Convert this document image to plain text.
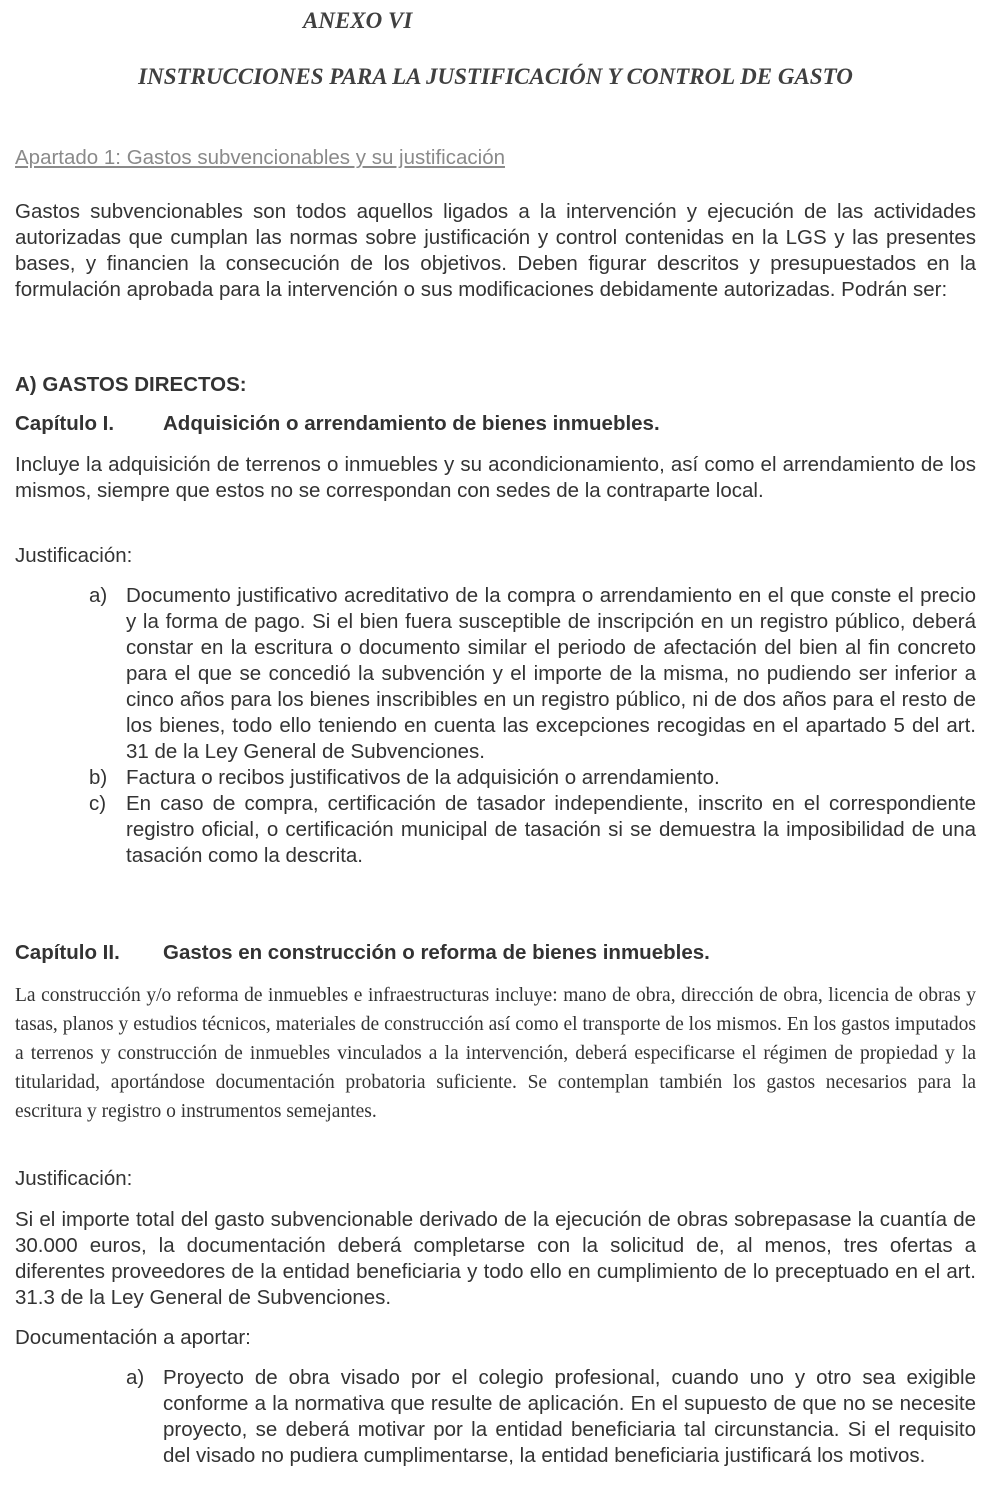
ANEXO VI
INSTRUCCIONES PARA LA JUSTIFICACIÓN Y CONTROL DE GASTO
Apartado 1: Gastos subvencionables y su justificación

Gastos subvencionables son todos aquellos ligados a la intervención y ejecución de las actividades autorizadas que cumplan las normas sobre justificación y control contenidas en la LGS y las presentes bases, y financien la consecución de los objetivos. Deben figurar descritos y presupuestados en la formulación aprobada para la intervención o sus modificaciones debidamente autorizadas. Podrán ser:

A) GASTOS DIRECTOS:

Capítulo I. Adquisición o arrendamiento de bienes inmuebles.

Incluye la adquisición de terrenos o inmuebles y su acondicionamiento, así como el arrendamiento de los mismos, siempre que estos no se correspondan con sedes de la contraparte local.

Justificación:

a) Documento justificativo acreditativo de la compra o arrendamiento en el que conste el precio y la forma de pago. Si el bien fuera susceptible de inscripción en un registro público, deberá constar en la escritura o documento similar el periodo de afectación del bien al fin concreto para el que se concedió la subvención y el importe de la misma, no pudiendo ser inferior a cinco años para los bienes inscribibles en un registro público, ni de dos años para el resto de los bienes, todo ello teniendo en cuenta las excepciones recogidas en el apartado 5 del art. 31 de la Ley General de Subvenciones.
b) Factura o recibos justificativos de la adquisición o arrendamiento.
c) En caso de compra, certificación de tasador independiente, inscrito en el correspondiente registro oficial, o certificación municipal de tasación si se demuestra la imposibilidad de una tasación como la descrita.
Capítulo II. Gastos en construcción o reforma de bienes inmuebles.

La construcción y/o reforma de inmuebles e infraestructuras incluye: mano de obra, dirección de obra, licencia de obras y tasas, planos y estudios técnicos, materiales de construcción así como el transporte de los mismos. En los gastos imputados a terrenos y construcción de inmuebles vinculados a la intervención, deberá especificarse el régimen de propiedad y la titularidad, aportándose documentación probatoria suficiente. Se contemplan también los gastos necesarios para la escritura y registro o instrumentos semejantes.

Justificación:

Si el importe total del gasto subvencionable derivado de la ejecución de obras sobrepasase la cuantía de 30.000 euros, la documentación deberá completarse con la solicitud de, al menos, tres ofertas a diferentes proveedores de la entidad beneficiaria y todo ello en cumplimiento de lo preceptuado en el art. 31.3 de la Ley General de Subvenciones.

Documentación a aportar:

a) Proyecto de obra visado por el colegio profesional, cuando uno y otro sea exigible conforme a la normativa que resulte de aplicación. En el supuesto de que no se necesite proyecto, se deberá motivar por la entidad beneficiaria tal circunstancia. Si el requisito del visado no pudiera cumplimentarse, la entidad beneficiaria justificará los motivos.
